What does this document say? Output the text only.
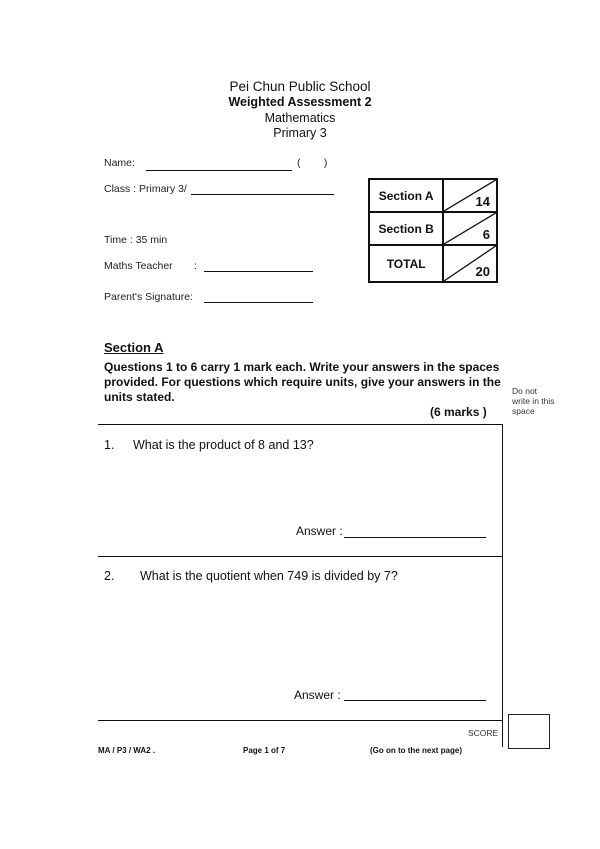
Pei Chun Public School
Weighted Assessment 2
Mathematics
Primary 3
Name:	(        )
Class : Primary 3/
Time : 35 min
Maths Teacher :
Parent's Signature:
Section A	14

Section B	6

TOTAL	20
Section A
Questions 1 to 6 carry 1 mark each. Write your answers in the spaces provided. For questions which require units, give your answers in the units stated.
(6 marks )
Do not write in this space
1. What is the product of 8 and 13?
Answer :
2. What is the quotient when 749 is divided by 7?
Answer :
SCORE
MA / P3 / WA2 .	Page 1 of 7	(Go on to the next page)
